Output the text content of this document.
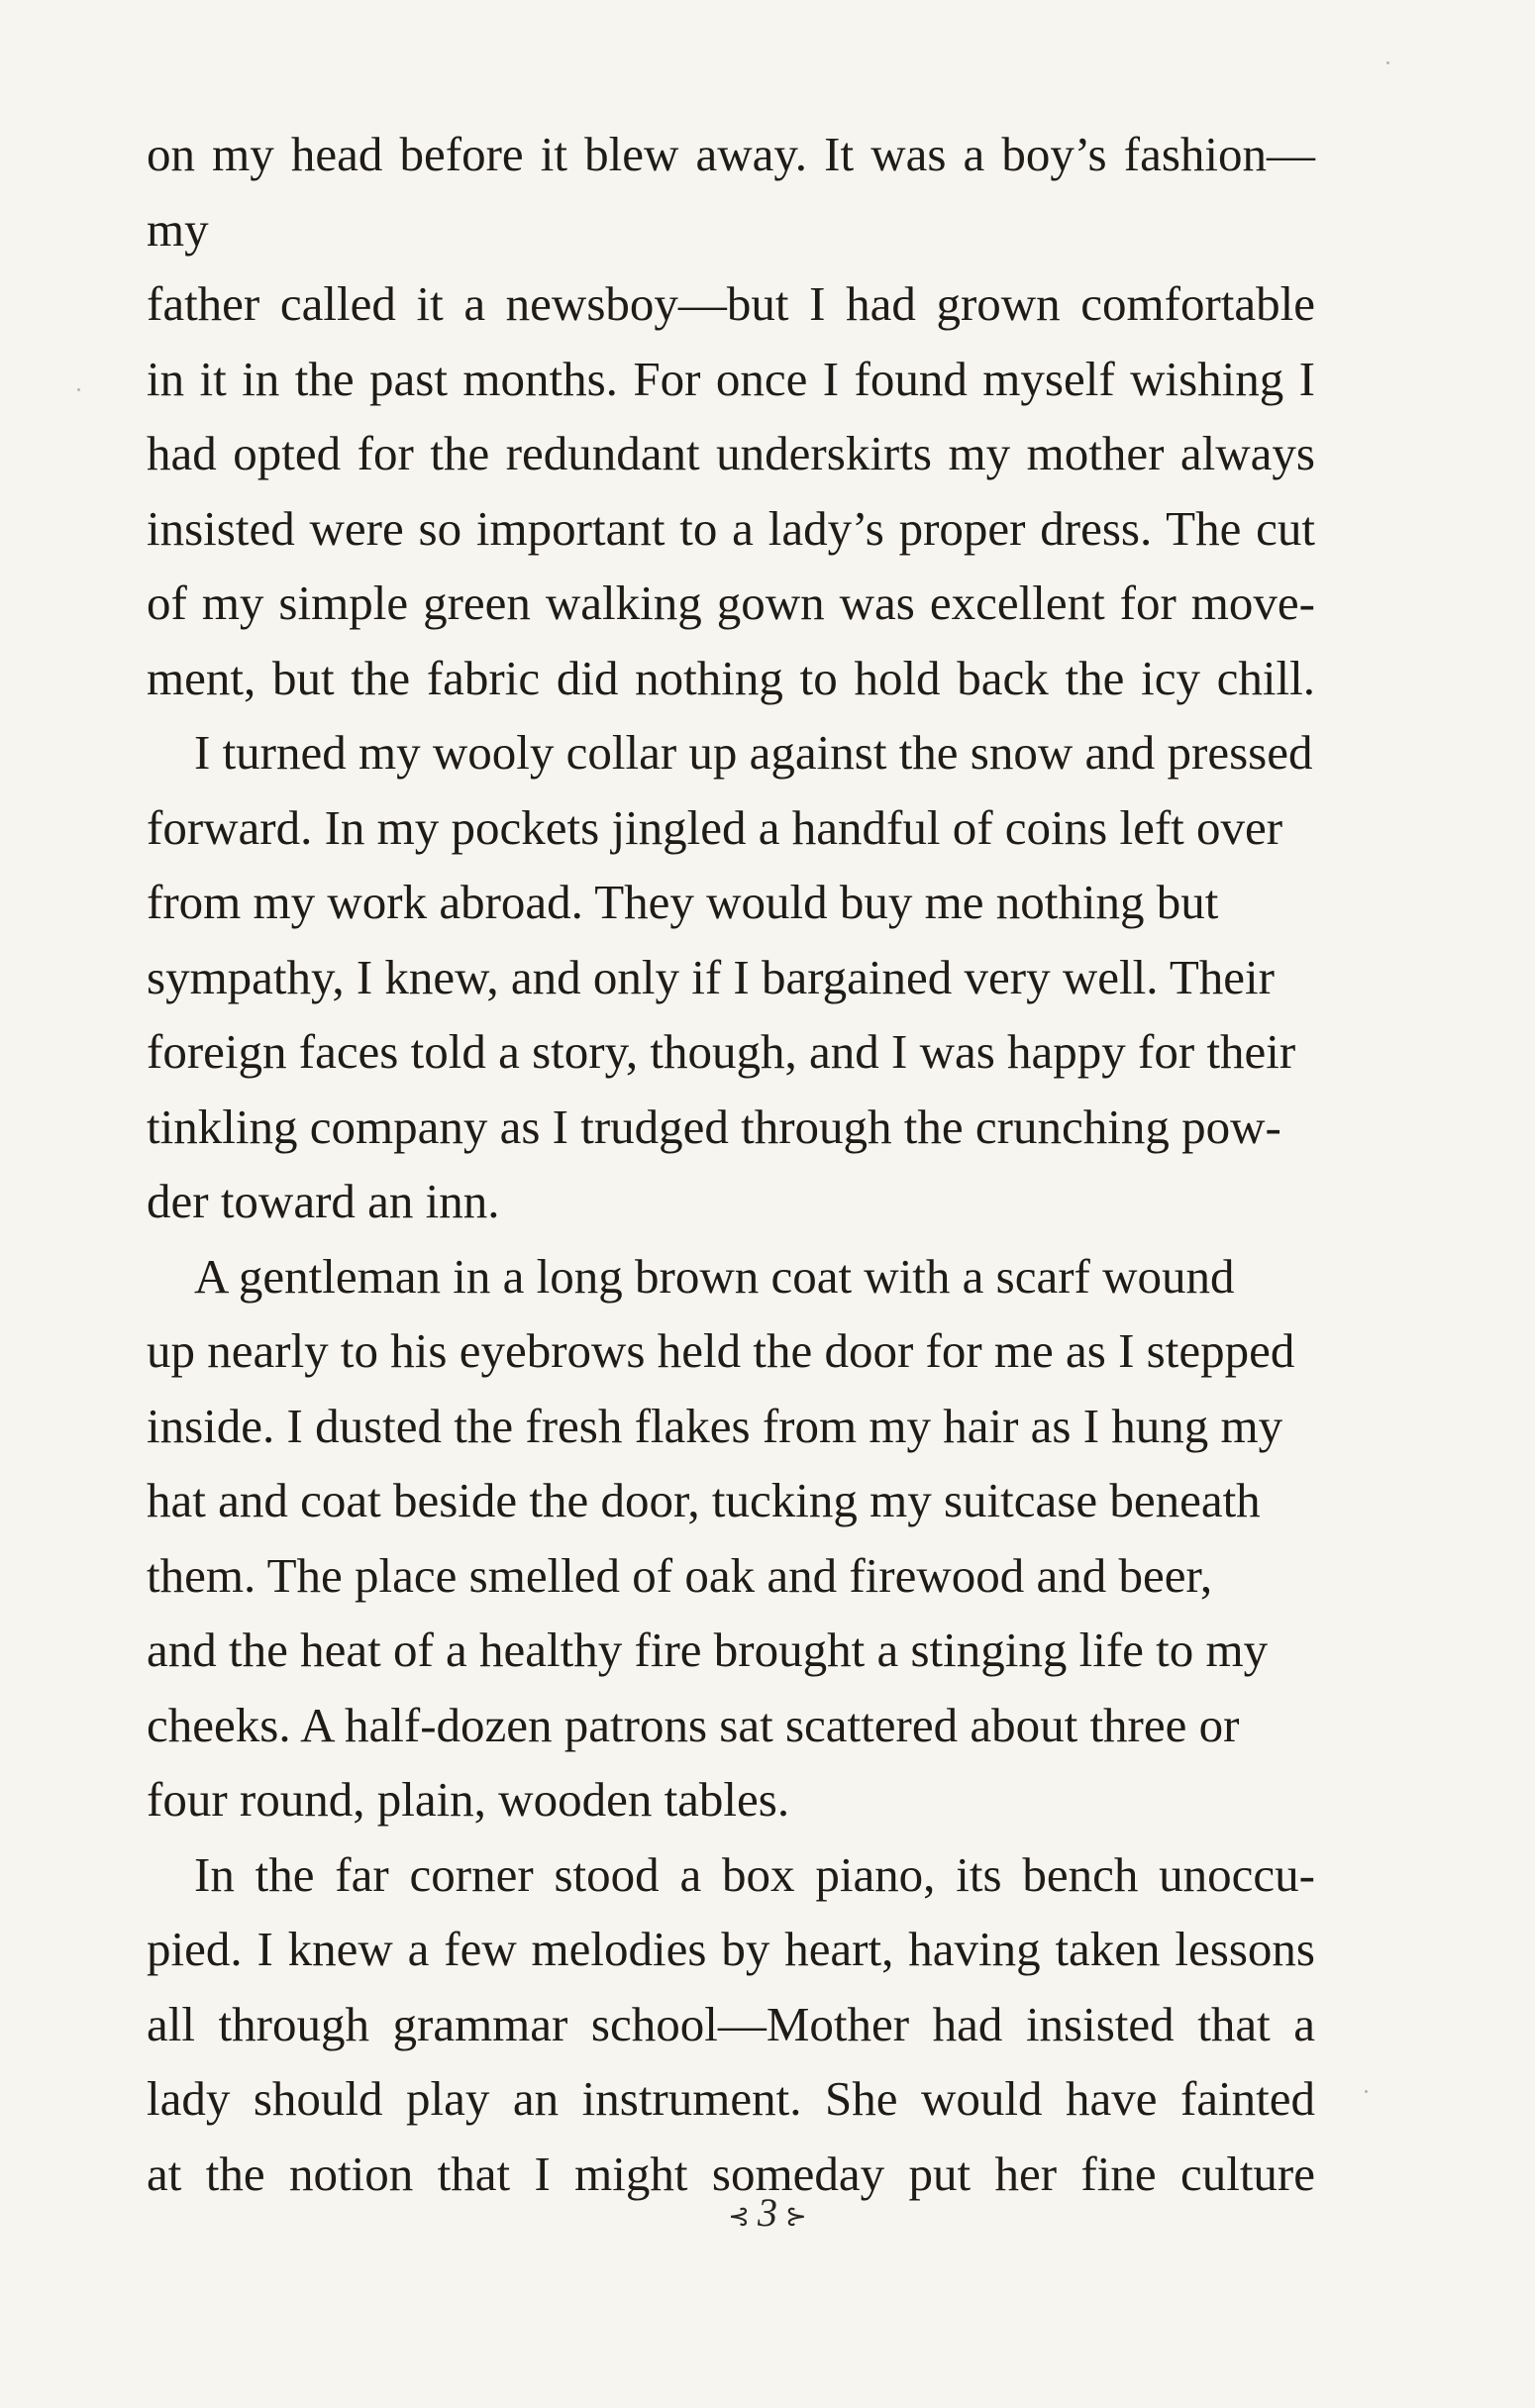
on my head before it blew away. It was a boy’s fashion—my
father called it a newsboy—but I had grown comfortable
in it in the past months. For once I found myself wishing I
had opted for the redundant underskirts my mother always
insisted were so important to a lady’s proper dress. The cut
of my simple green walking gown was excellent for move-
ment, but the fabric did nothing to hold back the icy chill.

I turned my wooly collar up against the snow and pressed
forward. In my pockets jingled a handful of coins left over
from my work abroad. They would buy me nothing but
sympathy, I knew, and only if I bargained very well. Their
foreign faces told a story, though, and I was happy for their
tinkling company as I trudged through the crunching pow-
der toward an inn.

A gentleman in a long brown coat with a scarf wound
up nearly to his eyebrows held the door for me as I stepped
inside. I dusted the fresh flakes from my hair as I hung my
hat and coat beside the door, tucking my suitcase beneath
them. The place smelled of oak and firewood and beer,
and the heat of a healthy fire brought a stinging life to my
cheeks. A half-dozen patrons sat scattered about three or
four round, plain, wooden tables.

In the far corner stood a box piano, its bench unoccu-
pied. I knew a few melodies by heart, having taken lessons
all through grammar school—Mother had insisted that a
lady should play an instrument. She would have fainted
at the notion that I might someday put her fine culture

⊰ 3 ⊱
